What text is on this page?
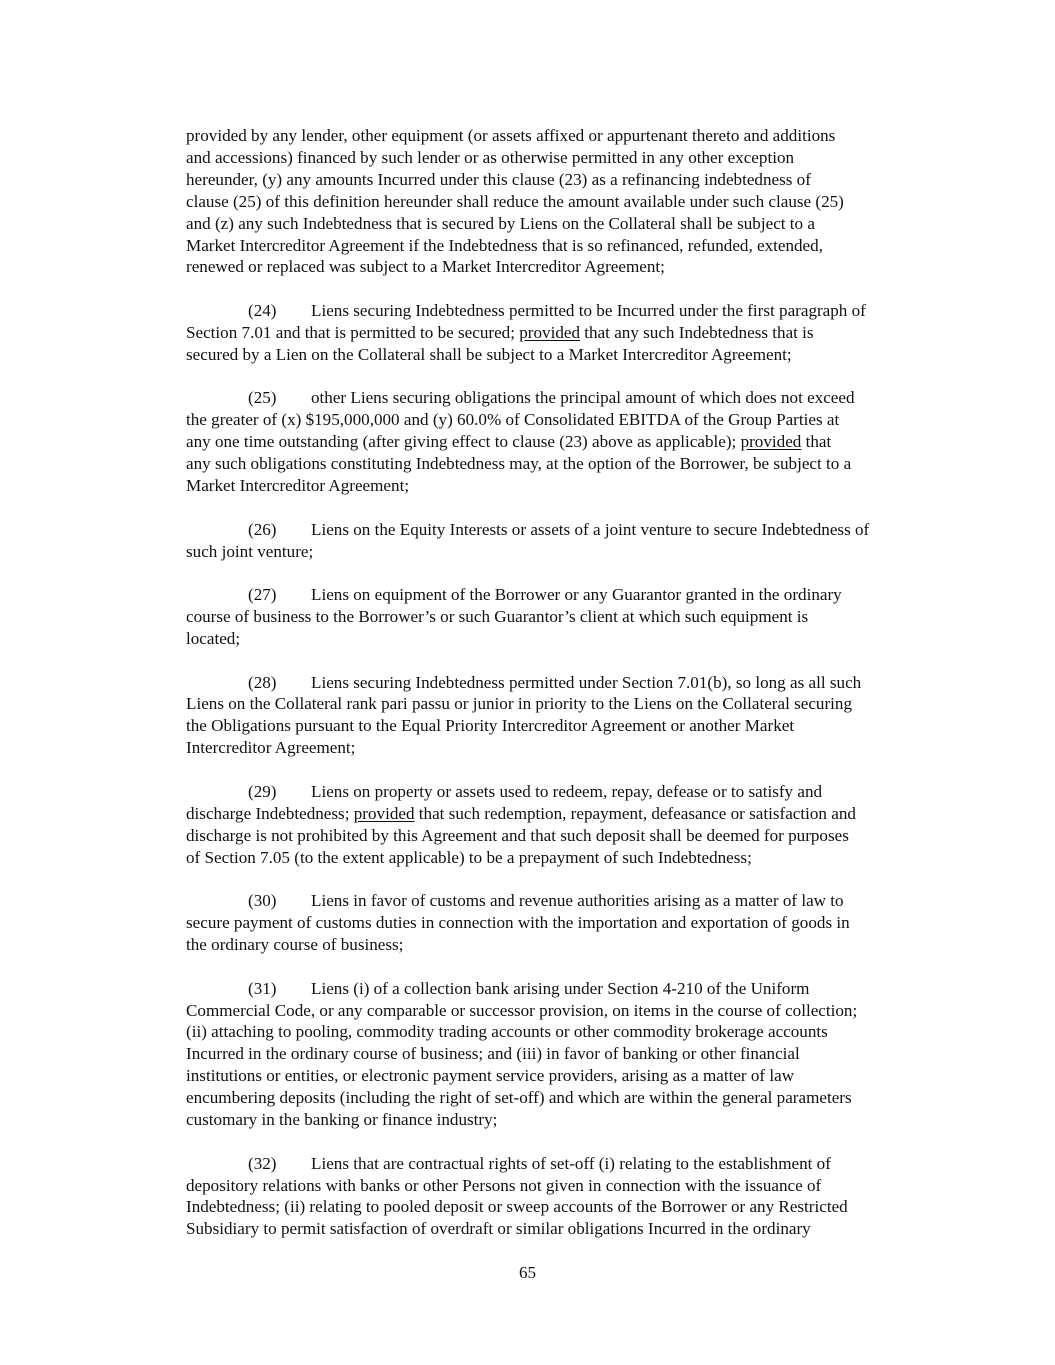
provided by any lender, other equipment (or assets affixed or appurtenant thereto and additions
and accessions) financed by such lender or as otherwise permitted in any other exception
hereunder, (y) any amounts Incurred under this clause (23) as a refinancing indebtedness of
clause (25) of this definition hereunder shall reduce the amount available under such clause (25)
and (z) any such Indebtedness that is secured by Liens on the Collateral shall be subject to a
Market Intercreditor Agreement if the Indebtedness that is so refinanced, refunded, extended,
renewed or replaced was subject to a Market Intercreditor Agreement;
(24) Liens securing Indebtedness permitted to be Incurred under the first paragraph of
Section 7.01 and that is permitted to be secured; provided that any such Indebtedness that is
secured by a Lien on the Collateral shall be subject to a Market Intercreditor Agreement;
(25) other Liens securing obligations the principal amount of which does not exceed
the greater of (x) $195,000,000 and (y) 60.0% of Consolidated EBITDA of the Group Parties at
any one time outstanding (after giving effect to clause (23) above as applicable); provided that
any such obligations constituting Indebtedness may, at the option of the Borrower, be subject to a
Market Intercreditor Agreement;
(26) Liens on the Equity Interests or assets of a joint venture to secure Indebtedness of
such joint venture;
(27) Liens on equipment of the Borrower or any Guarantor granted in the ordinary
course of business to the Borrower’s or such Guarantor’s client at which such equipment is
located;
(28) Liens securing Indebtedness permitted under Section 7.01(b), so long as all such
Liens on the Collateral rank pari passu or junior in priority to the Liens on the Collateral securing
the Obligations pursuant to the Equal Priority Intercreditor Agreement or another Market
Intercreditor Agreement;
(29) Liens on property or assets used to redeem, repay, defease or to satisfy and
discharge Indebtedness; provided that such redemption, repayment, defeasance or satisfaction and
discharge is not prohibited by this Agreement and that such deposit shall be deemed for purposes
of Section 7.05 (to the extent applicable) to be a prepayment of such Indebtedness;
(30) Liens in favor of customs and revenue authorities arising as a matter of law to
secure payment of customs duties in connection with the importation and exportation of goods in
the ordinary course of business;
(31) Liens (i) of a collection bank arising under Section 4-210 of the Uniform
Commercial Code, or any comparable or successor provision, on items in the course of collection;
(ii) attaching to pooling, commodity trading accounts or other commodity brokerage accounts
Incurred in the ordinary course of business; and (iii) in favor of banking or other financial
institutions or entities, or electronic payment service providers, arising as a matter of law
encumbering deposits (including the right of set-off) and which are within the general parameters
customary in the banking or finance industry;
(32) Liens that are contractual rights of set-off (i) relating to the establishment of
depository relations with banks or other Persons not given in connection with the issuance of
Indebtedness; (ii) relating to pooled deposit or sweep accounts of the Borrower or any Restricted
Subsidiary to permit satisfaction of overdraft or similar obligations Incurred in the ordinary
65
